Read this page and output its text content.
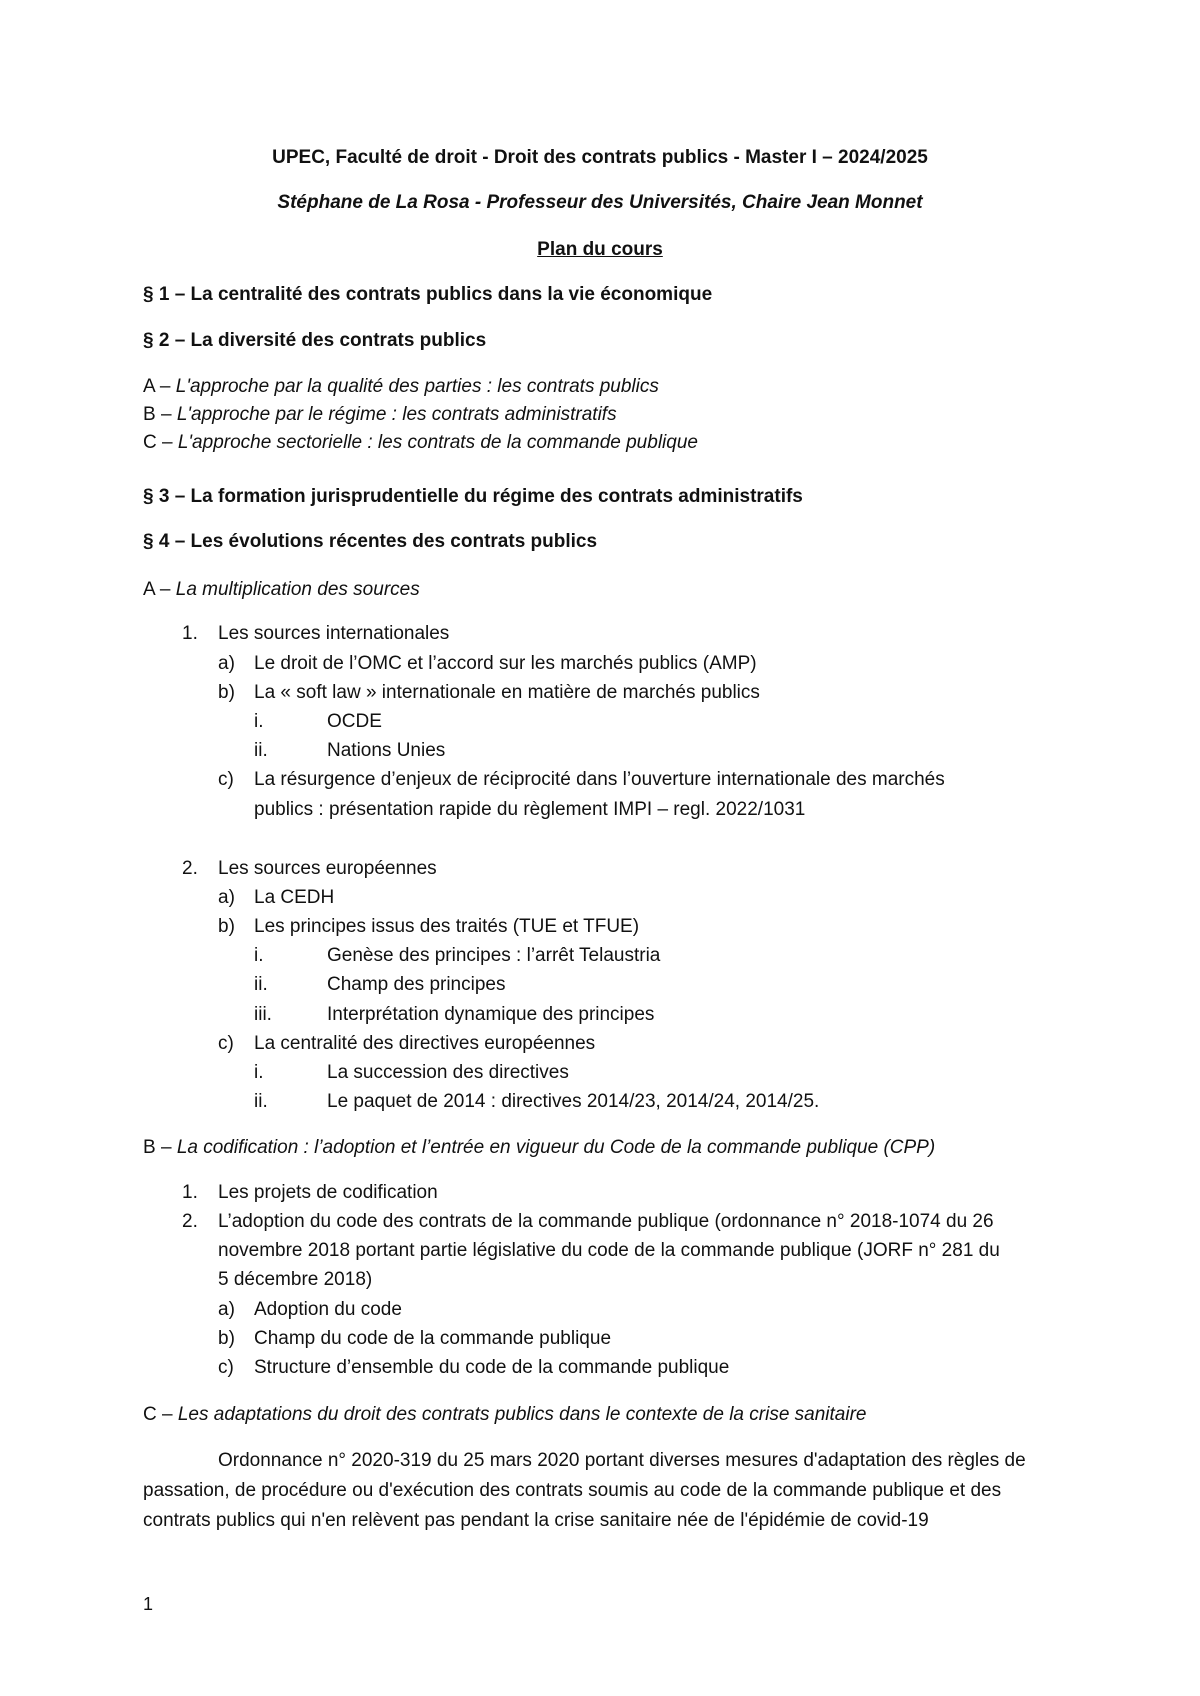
UPEC, Faculté de droit - Droit des contrats publics - Master I – 2024/2025
Stéphane de La Rosa - Professeur des Universités, Chaire Jean Monnet
Plan du cours
§ 1 – La centralité des contrats publics dans la vie économique
§ 2 – La diversité des contrats publics
A – L'approche par la qualité des parties : les contrats publics
B – L'approche par le régime : les contrats administratifs
C – L'approche sectorielle : les contrats de la commande publique
§ 3 – La formation jurisprudentielle du régime des contrats administratifs
§ 4 – Les évolutions récentes des contrats publics
A – La multiplication des sources
1. Les sources internationales
a) Le droit de l’OMC et l’accord sur les marchés publics (AMP)
b) La « soft law » internationale en matière de marchés publics
i.	OCDE
ii.	Nations Unies
c) La résurgence d’enjeux de réciprocité dans l’ouverture internationale des marchés
publics : présentation rapide du règlement IMPI – regl. 2022/1031
2. Les sources européennes
a) La CEDH
b) Les principes issus des traités (TUE et TFUE)
i.	Genèse des principes : l’arrêt Telaustria
ii.	Champ des principes
iii.	Interprétation dynamique des principes
c) La centralité des directives européennes
i.	La succession des directives
ii.	Le paquet de 2014 : directives 2014/23, 2014/24, 2014/25.
B – La codification : l’adoption et l’entrée en vigueur du Code de la commande publique (CPP)
1. Les projets de codification
2. L’adoption du code des contrats de la commande publique (ordonnance n° 2018-1074 du 26
novembre 2018 portant partie législative du code de la commande publique (JORF n° 281 du
5 décembre 2018)
a) Adoption du code
b) Champ du code de la commande publique
c) Structure d’ensemble du code de la commande publique
C – Les adaptations du droit des contrats publics dans le contexte de la crise sanitaire
Ordonnance n° 2020-319 du 25 mars 2020 portant diverses mesures d'adaptation des règles de passation, de procédure ou d'exécution des contrats soumis au code de la commande publique et des contrats publics qui n'en relèvent pas pendant la crise sanitaire née de l'épidémie de covid-19
1
